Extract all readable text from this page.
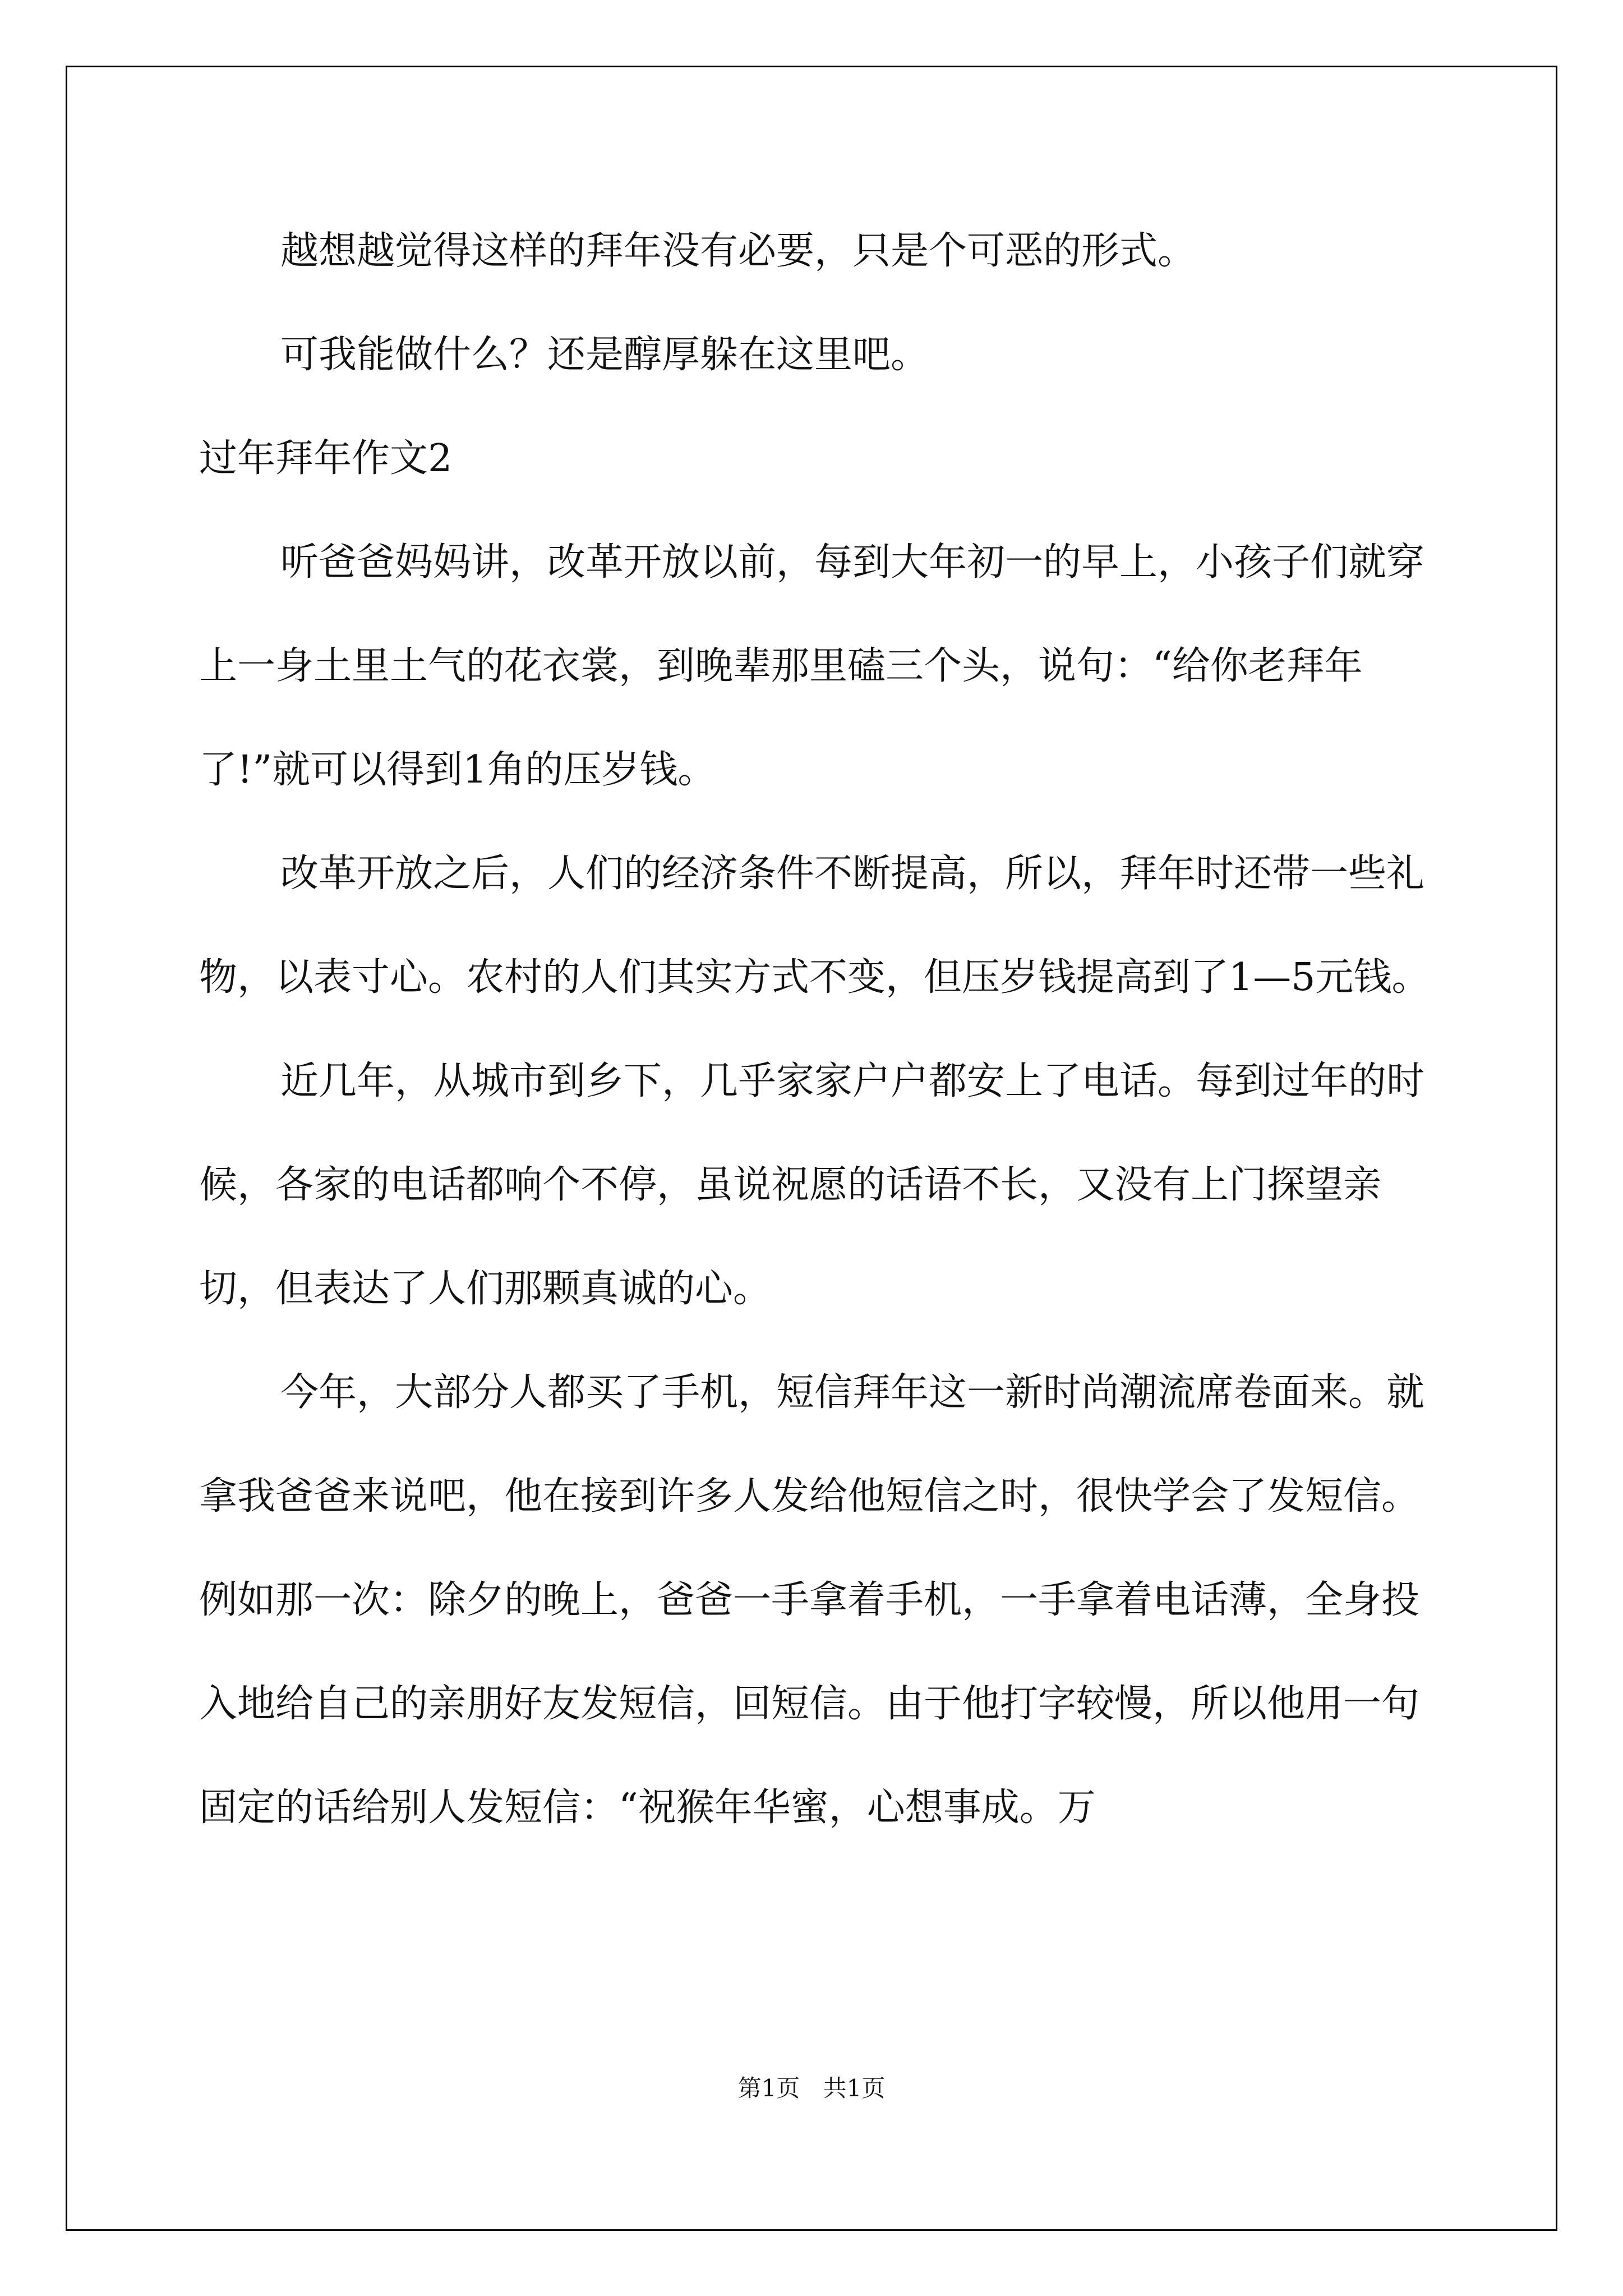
越想越觉得这样的拜年没有必要，只是个可恶的形式。

可我能做什么？还是醇厚躲在这里吧。

过年拜年作文2

听爸爸妈妈讲，改革开放以前，每到大年初一的早上，小孩子们就穿上一身土里土气的花衣裳，到晚辈那里磕三个头，说句：“给你老拜年了!”就可以得到1角的压岁钱。

改革开放之后，人们的经济条件不断提高，所以，拜年时还带一些礼物，以表寸心。农村的人们其实方式不变，但压岁钱提高到了1—5元钱。

近几年，从城市到乡下，几乎家家户户都安上了电话。每到过年的时候，各家的电话都响个不停，虽说祝愿的话语不长，又没有上门探望亲切，但表达了人们那颗真诚的心。

今年，大部分人都买了手机，短信拜年这一新时尚潮流席卷面来。就拿我爸爸来说吧，他在接到许多人发给他短信之时，很快学会了发短信。例如那一次：除夕的晚上，爸爸一手拿着手机，一手拿着电话薄，全身投入地给自己的亲朋好友发短信，回短信。由于他打字较慢，所以他用一句固定的话给别人发短信：“祝猴年华蜜，心想事成。万

第1页 共1页
